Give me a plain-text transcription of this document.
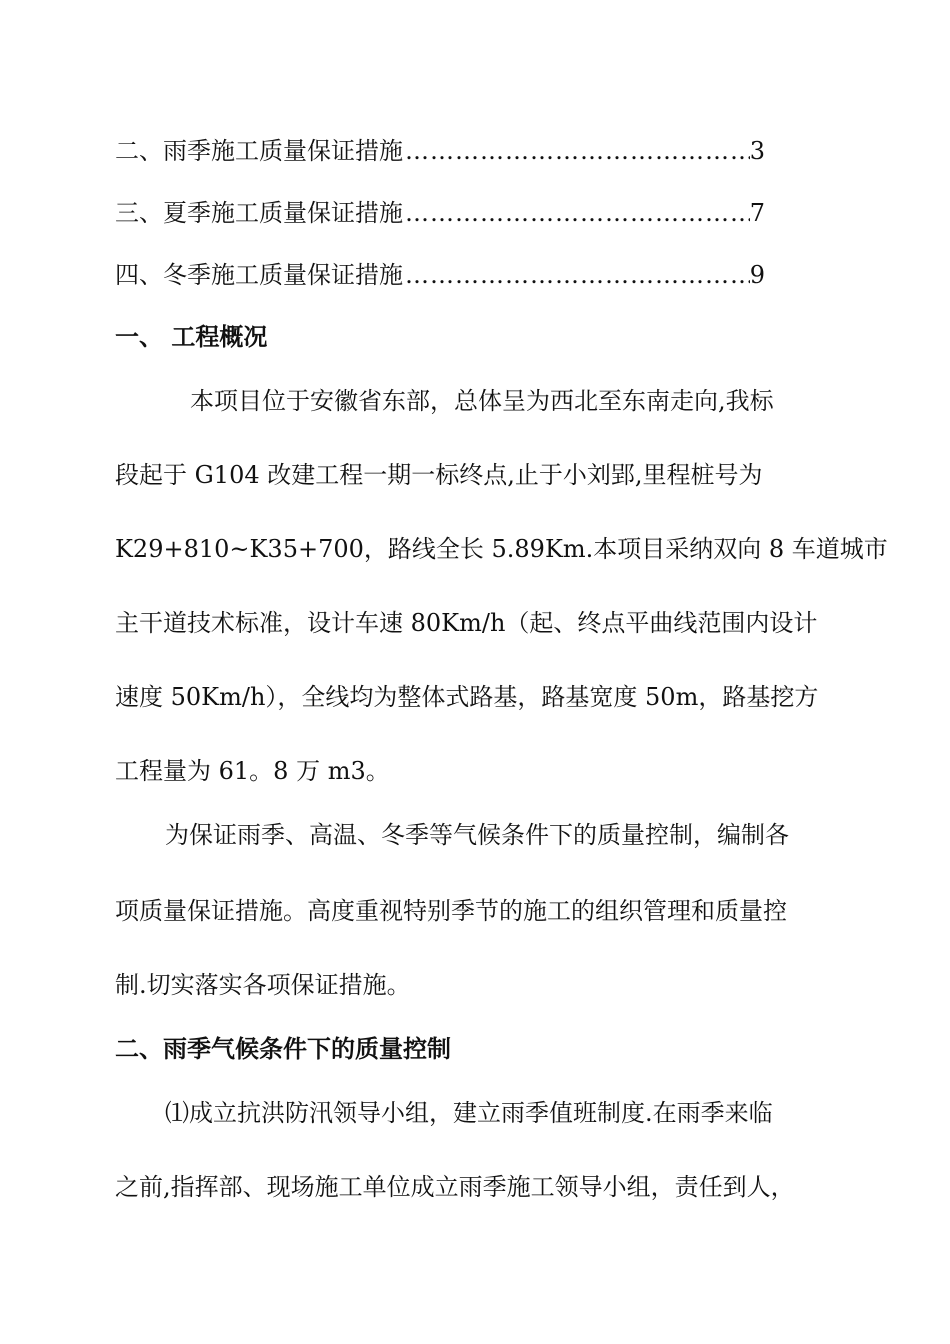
二、雨季施工质量保证措施 …………………………………………………………………………………………	3
三、夏季施工质量保证措施 …………………………………………………………………………………………	7
四、冬季施工质量保证措施 …………………………………………………………………………………………	9
一、 工程概况
本项目位于安徽省东部，总体呈为西北至东南走向,我标
段起于 G104 改建工程一期一标终点,止于小刘郢,里程桩号为
K29+810~K35+700，路线全长 5.89Km.本项目采纳双向 8 车道城市
主干道技术标准，设计车速 80Km/h（起、终点平曲线范围内设计
速度 50Km/h），全线均为整体式路基，路基宽度 50m，路基挖方
工程量为 61。8 万 m3。
为保证雨季、高温、冬季等气候条件下的质量控制，编制各
项质量保证措施。高度重视特别季节的施工的组织管理和质量控
制.切实落实各项保证措施。
二、雨季气候条件下的质量控制
⑴成立抗洪防汛领导小组，建立雨季值班制度.在雨季来临
之前,指挥部、现场施工单位成立雨季施工领导小组，责任到人，
